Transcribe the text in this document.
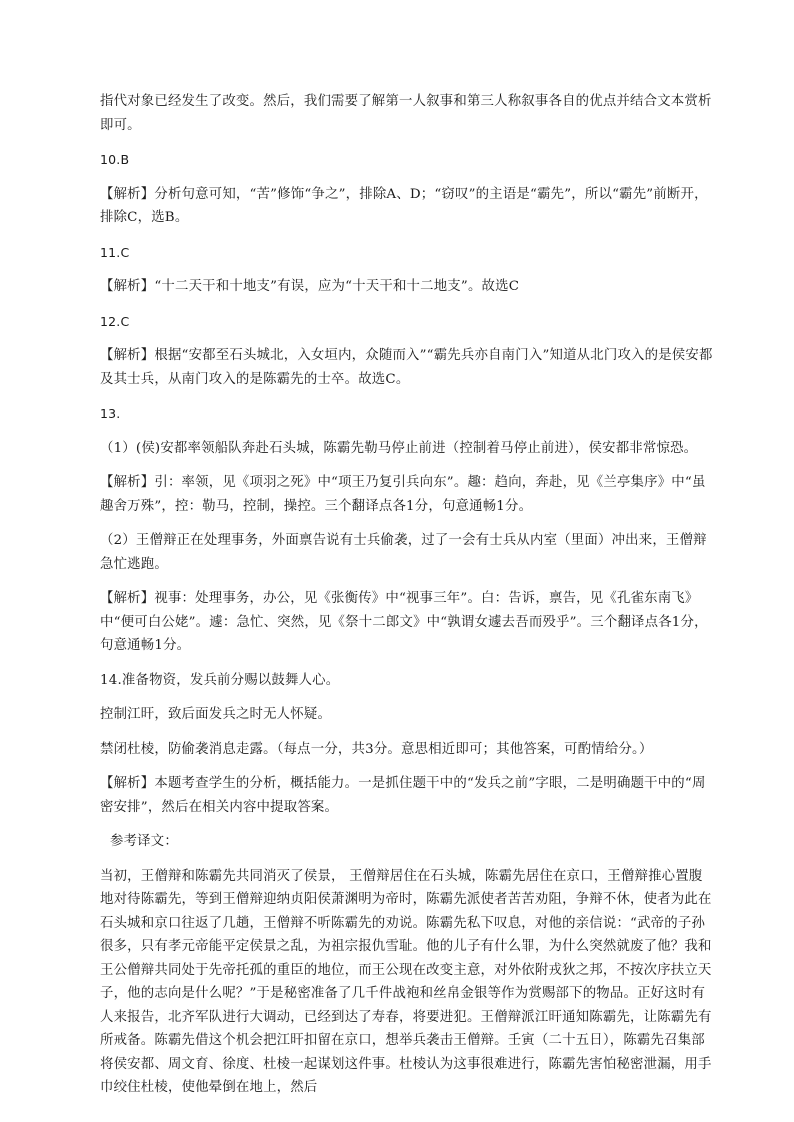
指代对象已经发生了改变。然后，我们需要了解第一人叙事和第三人称叙事各自的优点并结合文本赏析即可。

10.B

【解析】分析句意可知，“苦”修饰“争之”，排除A、D；“窃叹”的主语是“霸先”，所以“霸先”前断开，排除C，选B。

11.C

【解析】“十二天干和十地支”有误，应为“十天干和十二地支”。故选C

12.C

【解析】根据“安都至石头城北，入女垣内，众随而入”“霸先兵亦自南门入”知道从北门攻入的是侯安都及其士兵，从南门攻入的是陈霸先的士卒。故选C。

13.

（1）(侯)安都率领船队奔赴石头城，陈霸先勒马停止前进（控制着马停止前进），侯安都非常惊恐。

【解析】引：率领，见《项羽之死》中“项王乃复引兵向东”。趣：趋向，奔赴，见《兰亭集序》中“虽趣舍万殊”，控：勒马，控制，操控。三个翻译点各1分，句意通畅1分。

（2）王僧辩正在处理事务，外面禀告说有士兵偷袭，过了一会有士兵从内室（里面）冲出来，王僧辩急忙逃跑。

【解析】视事：处理事务，办公，见《张衡传》中“视事三年”。白：告诉，禀告，见《孔雀东南飞》中“便可白公姥”。遽：急忙、突然，见《祭十二郎文》中“孰谓女遽去吾而殁乎”。三个翻译点各1分，句意通畅1分。

14.准备物资，发兵前分赐以鼓舞人心。

控制江旰，致后面发兵之时无人怀疑。

禁闭杜棱，防偷袭消息走露。（每点一分，共3分。意思相近即可；其他答案，可酌情给分。）

【解析】本题考查学生的分析，概括能力。一是抓住题干中的“发兵之前”字眼，二是明确题干中的“周密安排”，然后在相关内容中提取答案。

参考译文：

当初，王僧辩和陈霸先共同消灭了侯景， 王僧辩居住在石头城，陈霸先居住在京口，王僧辩推心置腹地对待陈霸先，等到王僧辩迎纳贞阳侯萧渊明为帝时，陈霸先派使者苦苦劝阻，争辩不休，使者为此在石头城和京口往返了几趟，王僧辩不听陈霸先的劝说。陈霸先私下叹息，对他的亲信说：“武帝的子孙很多，只有孝元帝能平定侯景之乱，为祖宗报仇雪耻。他的儿子有什么罪，为什么突然就废了他？我和王公僧辩共同处于先帝托孤的重臣的地位，而王公现在改变主意，对外依附戎狄之邦，不按次序扶立天子，他的志向是什么呢？”于是秘密准备了几千件战袍和丝帛金银等作为赏赐部下的物品。正好这时有人来报告，北齐军队进行大调动，已经到达了寿春，将要进犯。王僧辩派江旰通知陈霸先，让陈霸先有所戒备。陈霸先借这个机会把江旰扣留在京口，想举兵袭击王僧辩。壬寅（二十五日），陈霸先召集部将侯安都、周文育、徐度、杜棱一起谋划这件事。杜棱认为这事很难进行，陈霸先害怕秘密泄漏，用手巾绞住杜棱，使他晕倒在地上，然后
